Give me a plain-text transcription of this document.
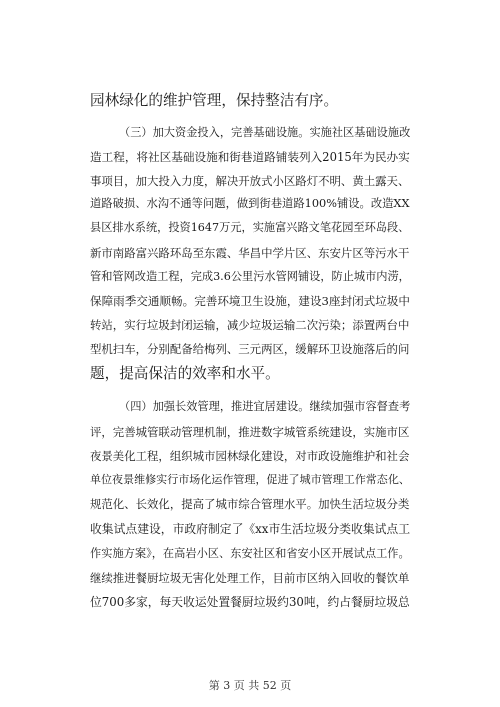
园林绿化的维护管理，保持整洁有序。
（三）加大资金投入，完善基础设施。实施社区基础设施改
造工程，将社区基础设施和街巷道路铺装列入2015年为民办实
事项目，加大投入力度，解决开放式小区路灯不明、黄土露天、
道路破损、水沟不通等问题，做到街巷道路100%铺设。改造XX
县区排水系统，投资1647万元，实施富兴路文笔花园至环岛段、
新市南路富兴路环岛至东霞、华昌中学片区、东安片区等污水干
管和管网改造工程，完成3.6公里污水管网铺设，防止城市内涝，
保障雨季交通顺畅。完善环境卫生设施，建设3座封闭式垃圾中
转站，实行垃圾封闭运输，减少垃圾运输二次污染；添置两台中
型机扫车，分别配备给梅列、三元两区，缓解环卫设施落后的问
题，提高保洁的效率和水平。
（四）加强长效管理，推进宜居建设。继续加强市容督查考
评，完善城管联动管理机制，推进数字城管系统建设，实施市区
夜景美化工程，组织城市园林绿化建设，对市政设施维护和社会
单位夜景维修实行市场化运作管理，促进了城市管理工作常态化、
规范化、长效化，提高了城市综合管理水平。加快生活垃圾分类
收集试点建设，市政府制定了《xx市生活垃圾分类收集试点工
作实施方案》，在高岩小区、东安社区和省安小区开展试点工作。
继续推进餐厨垃圾无害化处理工作，目前市区纳入回收的餐饮单
位700多家，每天收运处置餐厨垃圾约30吨，约占餐厨垃圾总
第 3 页 共 52 页
